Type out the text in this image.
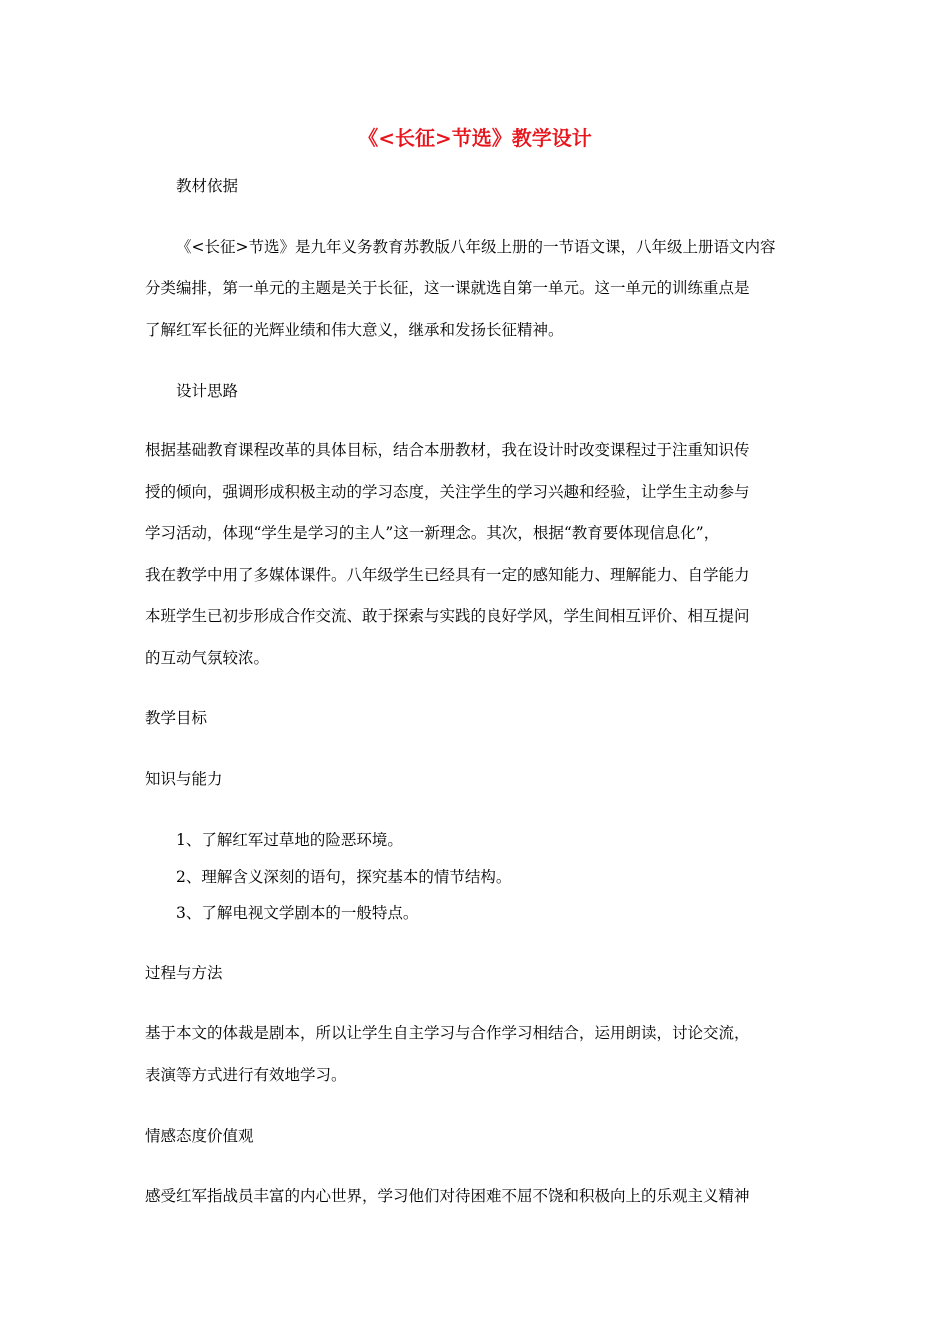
《<长征>节选》教学设计
教材依据
《<长征>节选》是九年义务教育苏教版八年级上册的一节语文课，八年级上册语文内容
分类编排，第一单元的主题是关于长征，这一课就选自第一单元。这一单元的训练重点是
了解红军长征的光辉业绩和伟大意义，继承和发扬长征精神。
设计思路
根据基础教育课程改革的具体目标，结合本册教材，我在设计时改变课程过于注重知识传
授的倾向，强调形成积极主动的学习态度，关注学生的学习兴趣和经验，让学生主动参与
学习活动，体现“学生是学习的主人”这一新理念。其次，根据“教育要体现信息化”，
我在教学中用了多媒体课件。八年级学生已经具有一定的感知能力、理解能力、自学能力
本班学生已初步形成合作交流、敢于探索与实践的良好学风，学生间相互评价、相互提问
的互动气氛较浓。
教学目标
知识与能力
1、了解红军过草地的险恶环境。
2、理解含义深刻的语句，探究基本的情节结构。
3、了解电视文学剧本的一般特点。
过程与方法
基于本文的体裁是剧本，所以让学生自主学习与合作学习相结合，运用朗读，讨论交流，
表演等方式进行有效地学习。
情感态度价值观
感受红军指战员丰富的内心世界，学习他们对待困难不屈不饶和积极向上的乐观主义精神
